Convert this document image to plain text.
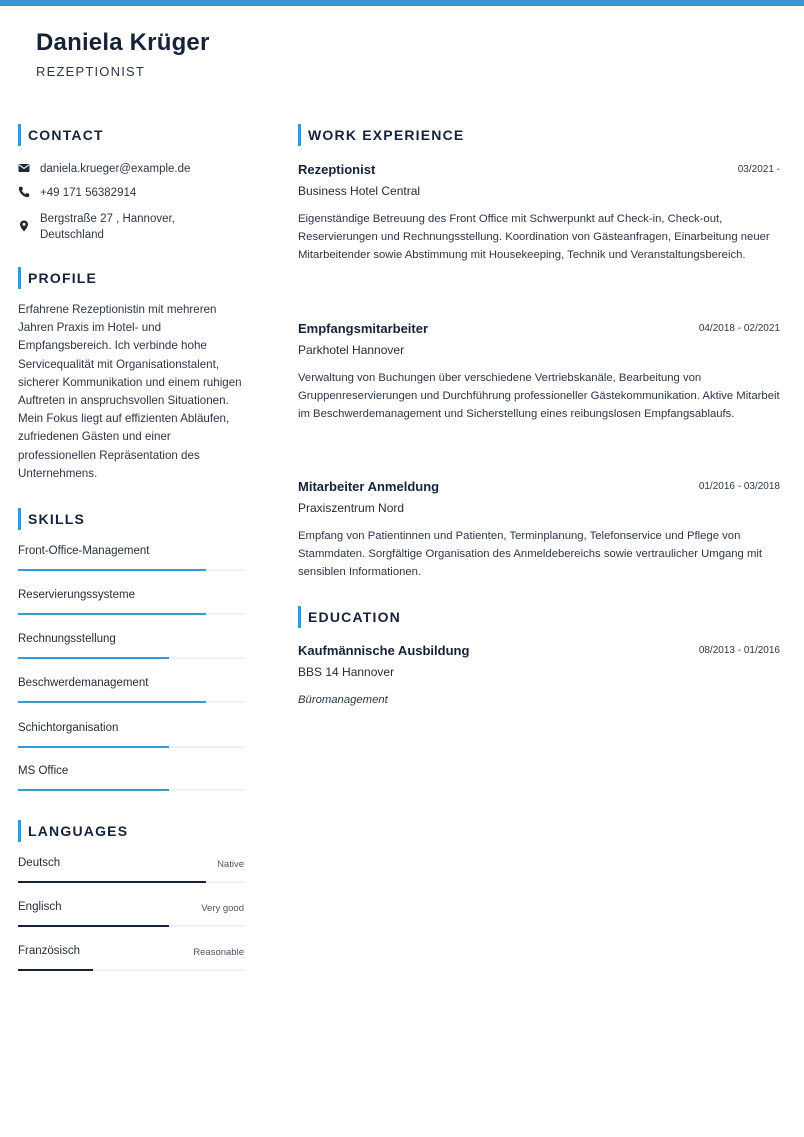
Daniela Krüger
REZEPTIONIST
CONTACT
daniela.krueger@example.de
+49 171 56382914
Bergstraße 27 , Hannover, Deutschland
PROFILE
Erfahrene Rezeptionistin mit mehreren Jahren Praxis im Hotel- und Empfangsbereich. Ich verbinde hohe Servicequalität mit Organisationstalent, sicherer Kommunikation und einem ruhigen Auftreten in anspruchsvollen Situationen. Mein Fokus liegt auf effizienten Abläufen, zufriedenen Gästen und einer professionellen Repräsentation des Unternehmens.
SKILLS
Front-Office-Management
Reservierungssysteme
Rechnungsstellung
Beschwerdemanagement
Schichtorganisation
MS Office
LANGUAGES
Deutsch	Native
Englisch	Very good
Französisch	Reasonable
WORK EXPERIENCE
Rezeptionist	03/2021 -
Business Hotel Central
Eigenständige Betreuung des Front Office mit Schwerpunkt auf Check-in, Check-out, Reservierungen und Rechnungsstellung. Koordination von Gästeanfragen, Einarbeitung neuer Mitarbeitender sowie Abstimmung mit Housekeeping, Technik und Veranstaltungsbereich.
Empfangsmitarbeiter	04/2018 - 02/2021
Parkhotel Hannover
Verwaltung von Buchungen über verschiedene Vertriebskanäle, Bearbeitung von Gruppenreservierungen und Durchführung professioneller Gästekommunikation. Aktive Mitarbeit im Beschwerdemanagement und Sicherstellung eines reibungslosen Empfangsablaufs.
Mitarbeiter Anmeldung	01/2016 - 03/2018
Praxiszentrum Nord
Empfang von Patientinnen und Patienten, Terminplanung, Telefonservice und Pflege von Stammdaten. Sorgfältige Organisation des Anmeldebereichs sowie vertraulicher Umgang mit sensiblen Informationen.
EDUCATION
Kaufmännische Ausbildung	08/2013 - 01/2016
BBS 14 Hannover
Büromanagement
